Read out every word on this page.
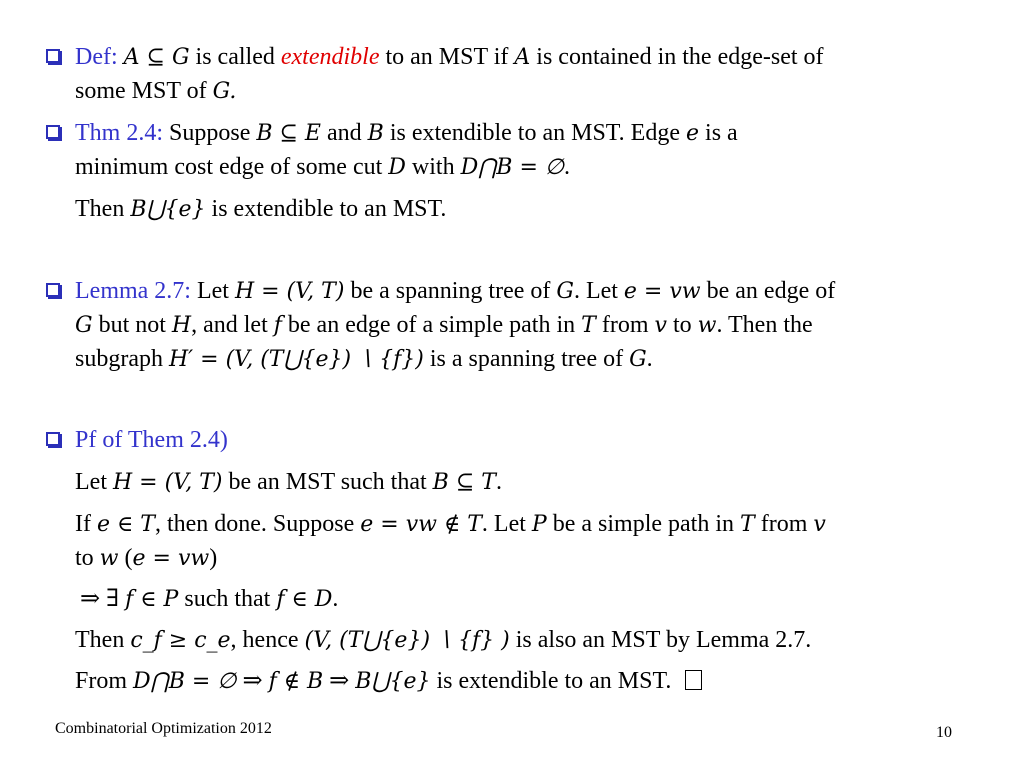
Def: A ⊆ G is called extendible to an MST if A is contained in the edge-set of
some MST of G.
Thm 2.4: Suppose B ⊆ E and B is extendible to an MST. Edge e is a
minimum cost edge of some cut D with D⋂B = ∅.
Then B⋃{e} is extendible to an MST.
Lemma 2.7: Let H = (V, T) be a spanning tree of G. Let e = vw be an edge of
G but not H, and let f be an edge of a simple path in T from v to w. Then the
subgraph H′ = (V, (T⋃{e}) ∖ {f}) is a spanning tree of G.
Pf of Them 2.4)
Let H = (V, T) be an MST such that B ⊆ T.
If e ∈ T, then done. Suppose e = vw ∉ T. Let P be a simple path in T from v
to w (e = vw)
⇒ ∃ f ∈ P such that f ∈ D.
Then c_f ≥ c_e, hence (V, (T⋃{e}) ∖ {f} ) is also an MST by Lemma 2.7.
From D⋂B = ∅ ⇒ f ∉ B ⇒ B⋃{e} is extendible to an MST.
Combinatorial Optimization 2012	10
